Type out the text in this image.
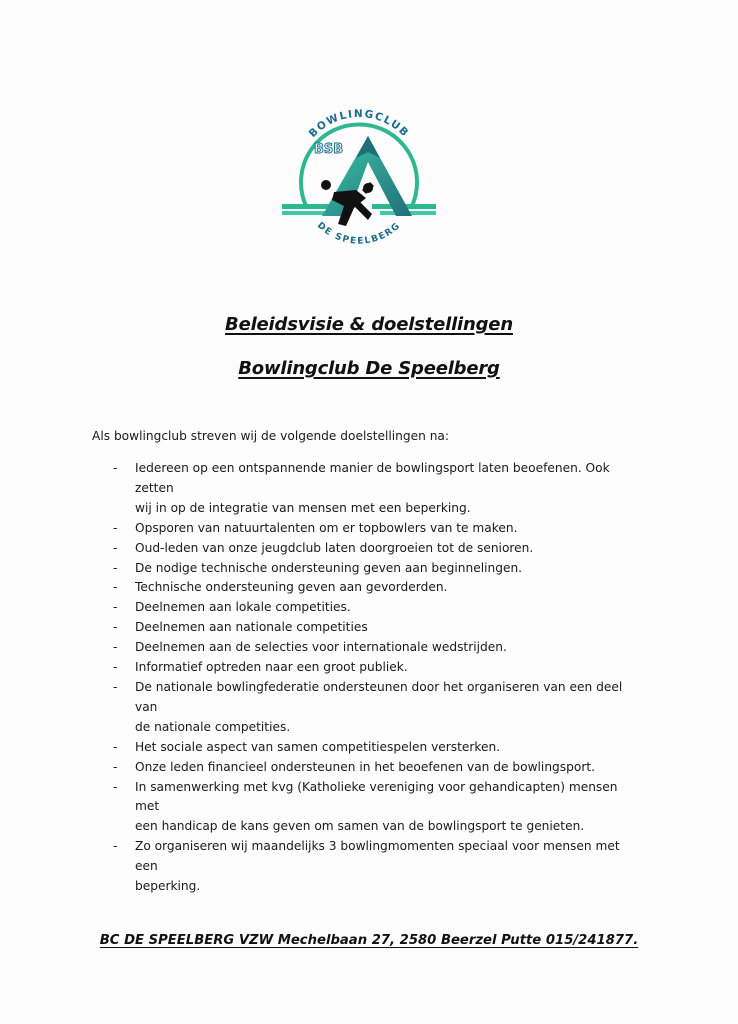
BSB
BOWLINGCLUB
DE SPEELBERG
Beleidsvisie & doelstellingen
Bowlingclub De Speelberg
Als bowlingclub streven wij de volgende doelstellingen na:
- Iedereen op een ontspannende manier de bowlingsport laten beoefenen. Ook zetten
wij in op de integratie van mensen met een beperking.
- Opsporen van natuurtalenten om er topbowlers van te maken.
- Oud-leden van onze jeugdclub laten doorgroeien tot de senioren.
- De nodige technische ondersteuning geven aan beginnelingen.
- Technische ondersteuning geven aan gevorderden.
- Deelnemen aan lokale competities.
- Deelnemen aan nationale competities
- Deelnemen aan de selecties voor internationale wedstrijden.
- Informatief optreden naar een groot publiek.
- De nationale bowlingfederatie ondersteunen door het organiseren van een deel van
de nationale competities.
- Het sociale aspect van samen competitiespelen versterken.
- Onze leden financieel ondersteunen in het beoefenen van de bowlingsport.
- In samenwerking met kvg (Katholieke vereniging voor gehandicapten) mensen met
een handicap de kans geven om samen van de bowlingsport te genieten.
- Zo organiseren wij maandelijks 3 bowlingmomenten speciaal voor mensen met een
beperking.
BC DE SPEELBERG VZW Mechelbaan 27, 2580 Beerzel Putte 015/241877.
